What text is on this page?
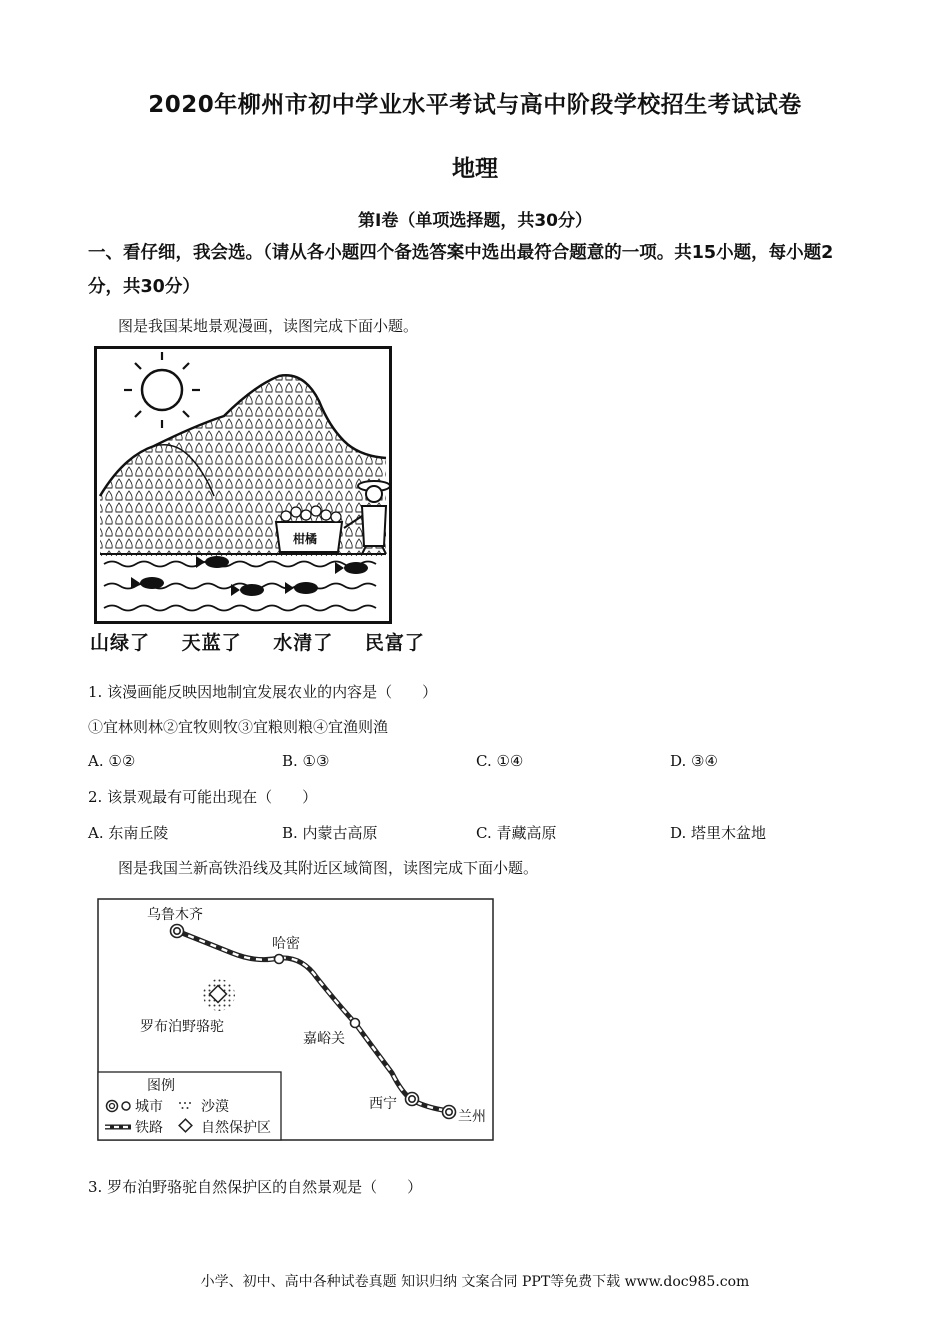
2020年柳州市初中学业水平考试与高中阶段学校招生考试试卷
地理
第Ⅰ卷（单项选择题，共30分）
一、看仔细，我会选。（请从各小题四个备选答案中选出最符合题意的一项。共15小题，每小题2分，共30分）
图是我国某地景观漫画，读图完成下面小题。
柑橘
山绿了 天蓝了 水清了 民富了
1. 该漫画能反映因地制宜发展农业的内容是（　　）
①宜林则林②宜牧则牧③宜粮则粮④宜渔则渔
A. ①②	B. ①③	C. ①④	D. ③④
2. 该景观最有可能出现在（　　）
A. 东南丘陵	B. 内蒙古高原	C. 青藏高原	D. 塔里木盆地
图是我国兰新高铁沿线及其附近区域简图，读图完成下面小题。
乌鲁木齐
哈密
嘉峪关
西宁
兰州
罗布泊野骆驼
图例
城市	沙漠
铁路	自然保护区
3. 罗布泊野骆驼自然保护区的自然景观是（　　）
小学、初中、高中各种试卷真题 知识归纳 文案合同 PPT等免费下载 www.doc985.com
